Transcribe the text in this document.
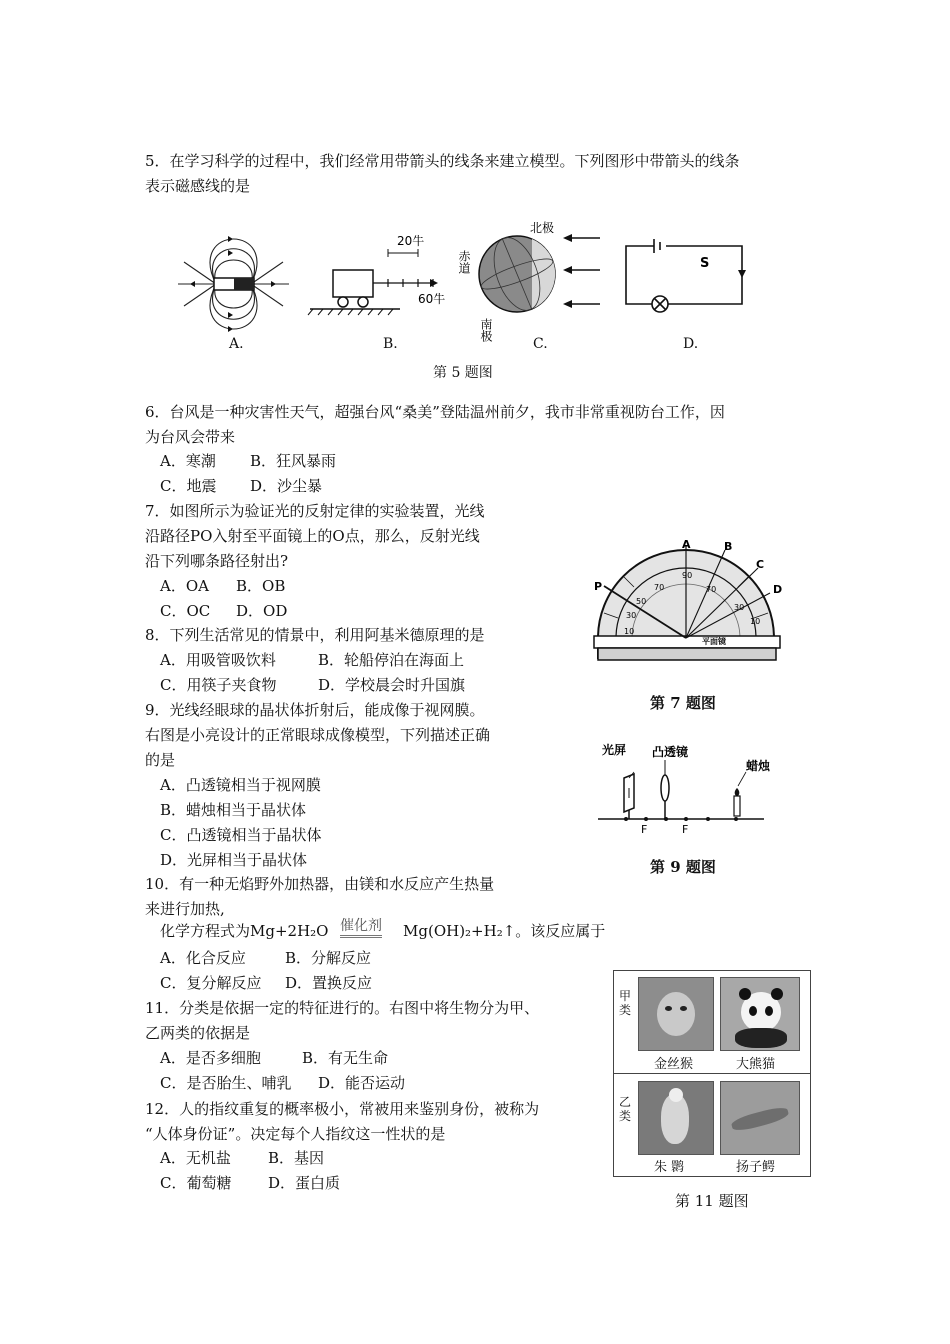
5．在学习科学的过程中，我们经常用带箭头的线条来建立模型。下列图形中带箭头的线条
表示磁感线的是
A.
20牛
60牛
B.
北极
赤道
南极
C.
S
D.
第 5 题图
6．台风是一种灾害性天气，超强台风“桑美”登陆温州前夕，我市非常重视防台工作，因
为台风会带来
A．寒潮 B．狂风暴雨
C．地震 D．沙尘暴
7．如图所示为验证光的反射定律的实验装置，光线
沿路径PO入射至平面镜上的O点，那么，反射光线
沿下列哪条路径射出?
A．OA B．OB
C．OC D．OD
A	B
C
D
P
90
70
50
30
10
70
30
10
平面镜
第 7 题图
8．下列生活常见的情景中，利用阿基米德原理的是
A．用吸管吸饮料	B．轮船停泊在海面上
C．用筷子夹食物	D．学校晨会时升国旗
9．光线经眼球的晶状体折射后，能成像于视网膜。
右图是小亮设计的正常眼球成像模型，下列描述正确
的是
A．凸透镜相当于视网膜
B．蜡烛相当于晶状体
C．凸透镜相当于晶状体
D．光屏相当于晶状体
光屏 凸透镜
蜡烛
F	F
第 9 题图
10．有一种无焰野外加热器，由镁和水反应产生热量
来进行加热,
化学方程式为Mg+2H₂O 催化剂 Mg(OH)₂+H₂↑。该反应属于
A．化合反应	B．分解反应
C．复分解反应 D．置换反应
11．分类是依据一定的特征进行的。右图中将生物分为甲、
乙两类的依据是
A．是否多细胞	B．有无生命
C．是否胎生、哺乳 D．能否运动
甲类
乙类
金丝猴	大熊猫
朱 鹮	扬子鳄
第 11 题图
12．人的指纹重复的概率极小，常被用来鉴别身份，被称为
“人体身份证”。决定每个人指纹这一性状的是
A．无机盐 B．基因
C．葡萄糖 D．蛋白质
